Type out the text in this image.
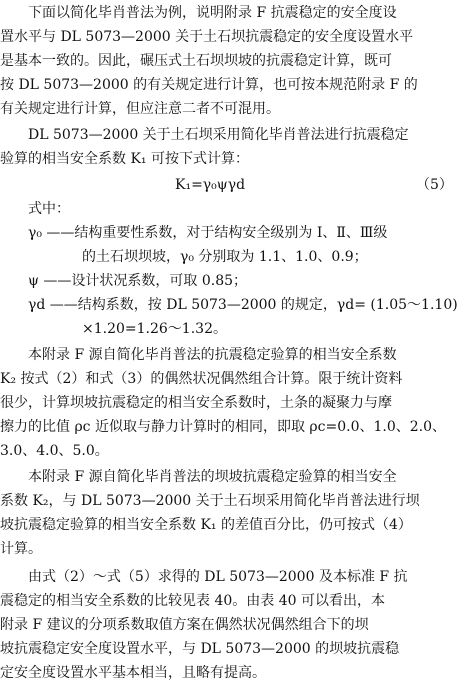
下面以简化毕肖普法为例，说明附录 F 抗震稳定的安全度设
置水平与 DL 5073—2000 关于土石坝抗震稳定的安全度设置水平
是基本一致的。因此，碾压式土石坝坝坡的抗震稳定计算，既可
按 DL 5073—2000 的有关规定进行计算，也可按本规范附录 F 的
有关规定进行计算，但应注意二者不可混用。
DL 5073—2000 关于土石坝采用简化毕肖普法进行抗震稳定
验算的相当安全系数 K₁ 可按下式计算：
K₁=γ₀ψγd	（5）
式中：
γ₀ ——结构重要性系数，对于结构安全级别为 Ⅰ、Ⅱ、Ⅲ级
的土石坝坝坡，γ₀ 分别取为 1.1、1.0、0.9；
ψ ——设计状况系数，可取 0.85；
γd ——结构系数，按 DL 5073—2000 的规定，γd= (1.05～1.10)
×1.20=1.26～1.32。
本附录 F 源自简化毕肖普法的抗震稳定验算的相当安全系数
K₂ 按式（2）和式（3）的偶然状况偶然组合计算。限于统计资料
很少，计算坝坡抗震稳定的相当安全系数时，土条的凝聚力与摩
擦力的比值 ρc 近似取与静力计算时的相同，即取 ρc=0.0、1.0、2.0、
3.0、4.0、5.0。
本附录 F 源自简化毕肖普法的坝坡抗震稳定验算的相当安全
系数 K₂，与 DL 5073—2000 关于土石坝采用简化毕肖普法进行坝
坡抗震稳定验算的相当安全系数 K₁ 的差值百分比，仍可按式（4）
计算。
由式（2）～式（5）求得的 DL 5073—2000 及本标准 F 抗
震稳定的相当安全系数的比较见表 40。由表 40 可以看出，本
附录 F 建议的分项系数取值方案在偶然状况偶然组合下的坝
坡抗震稳定安全度设置水平，与 DL 5073—2000 的坝坡抗震稳
定安全度设置水平基本相当，且略有提高。
